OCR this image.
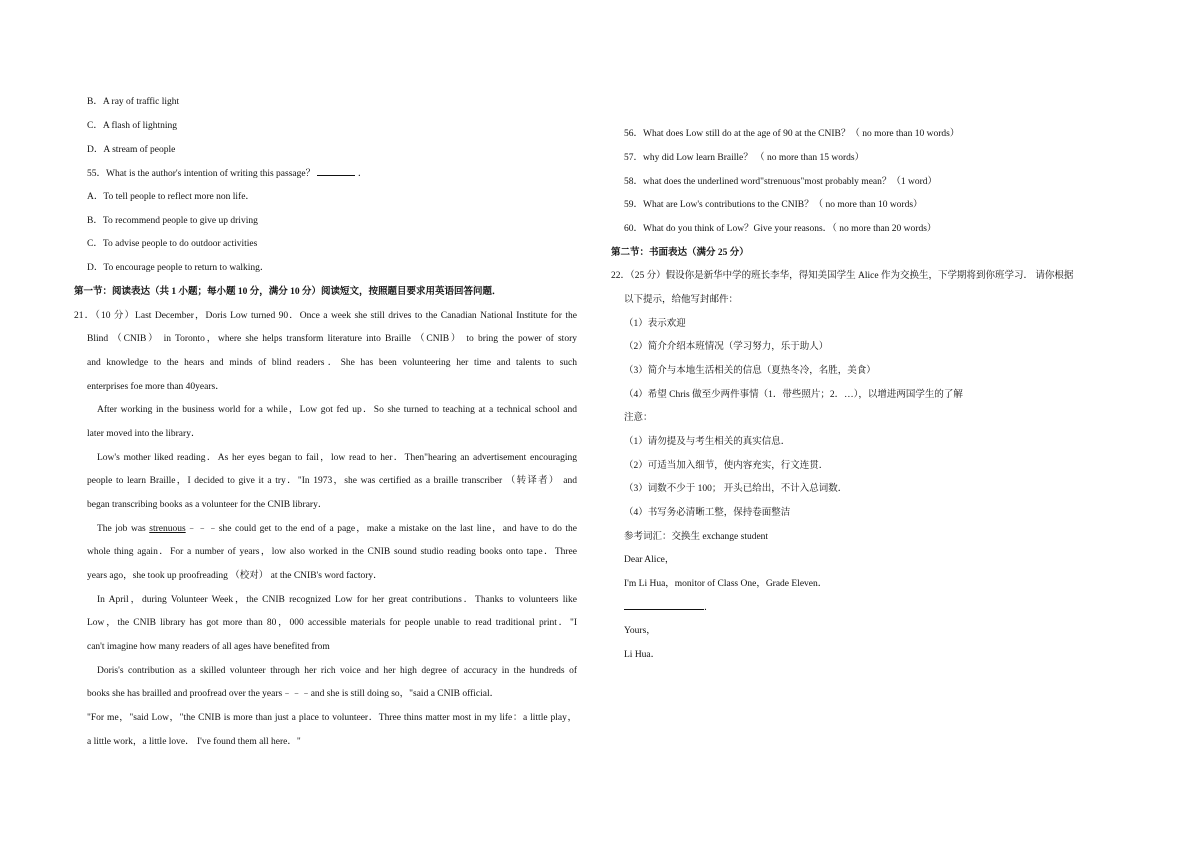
B．A ray of traffic light
C．A flash of lightning
D．A stream of people
55．What is the author's intention of writing this passage？	．
A．To tell people to reflect more non life．
B．To recommend people to give up driving
C．To advise people to do outdoor activities
D．To encourage people to return to walking．
第一节：阅读表达（共 1 小题；每小题 10 分，满分 10 分）阅读短文，按照题目要求用英语回答问题．
21．（10 分）Last December，Doris Low turned 90．Once a week she still drives to the Canadian National Institute for the
Blind （CNIB） in Toronto，where she helps transform literature into Braille （CNIB） to bring the power of story
and knowledge to the hears and minds of blind readers．She has been volunteering her time and talents to such
enterprises foe more than 40years．
After working in the business world for a while，Low got fed up．So she turned to teaching at a technical school and
later moved into the library．
Low's mother liked reading．As her eyes began to fail，low read to her．Then"hearing an advertisement encouraging
people to learn Braille，I decided to give it a try．"In 1973，she was certified as a braille transcriber （转译者） and
began transcribing books as a volunteer for the CNIB library．
The job was strenuous﹣﹣﹣she could get to the end of a page，make a mistake on the last line，and have to do the
whole thing again．For a number of years，low also worked in the CNIB sound studio reading books onto tape．Three
years ago，she took up proofreading （校对） at the CNIB's word factory．
In April，during Volunteer Week，the CNIB recognized Low for her great contributions．Thanks to volunteers like
Low，the CNIB library has got more than 80，000 accessible materials for people unable to read traditional print．"I
can't imagine how many readers of all ages have benefited from
Doris's contribution as a skilled volunteer through her rich voice and her high degree of accuracy in the hundreds of
books she has brailled and proofread over the years﹣﹣﹣and she is still doing so，"said a CNIB official．
"For me，"said Low，"the CNIB is more than just a place to volunteer．Three thins matter most in my life：a little play，
a little work，a little love． I've found them all here．"
56．What does Low still do at the age of 90 at the CNIB？（ no more than 10 words）
57．why did Low learn Braille？ （ no more than 15 words）
58．what does the underlined word"strenuous"most probably mean？（1 word）
59．What are Low's contributions to the CNIB？（ no more than 10 words）
60．What do you think of Low？Give your reasons．（ no more than 20 words）
第二节：书面表达（满分 25 分）
22．（25 分）假设你是新华中学的班长李华，得知美国学生 Alice 作为交换生，下学期将到你班学习． 请你根据
以下提示，给他写封邮件：
（1）表示欢迎
（2）简介介绍本班情况（学习努力，乐于助人）
（3）简介与本地生活相关的信息（夏热冬冷，名胜，美食）
（4）希望 Chris 做至少两件事情（1．带些照片；2．…），以增进两国学生的了解
注意：
（1）请勿提及与考生相关的真实信息．
（2）可适当加入细节，使内容充实，行文连贯．
（3）词数不少于 100； 开头已给出，不计入总词数．
（4）书写务必清晰工整，保持卷面整洁
参考词汇：交换生 exchange student
Dear Alice，
I'm Li Hua，monitor of Class One，Grade Eleven．
．
Yours，
Li Hua．
